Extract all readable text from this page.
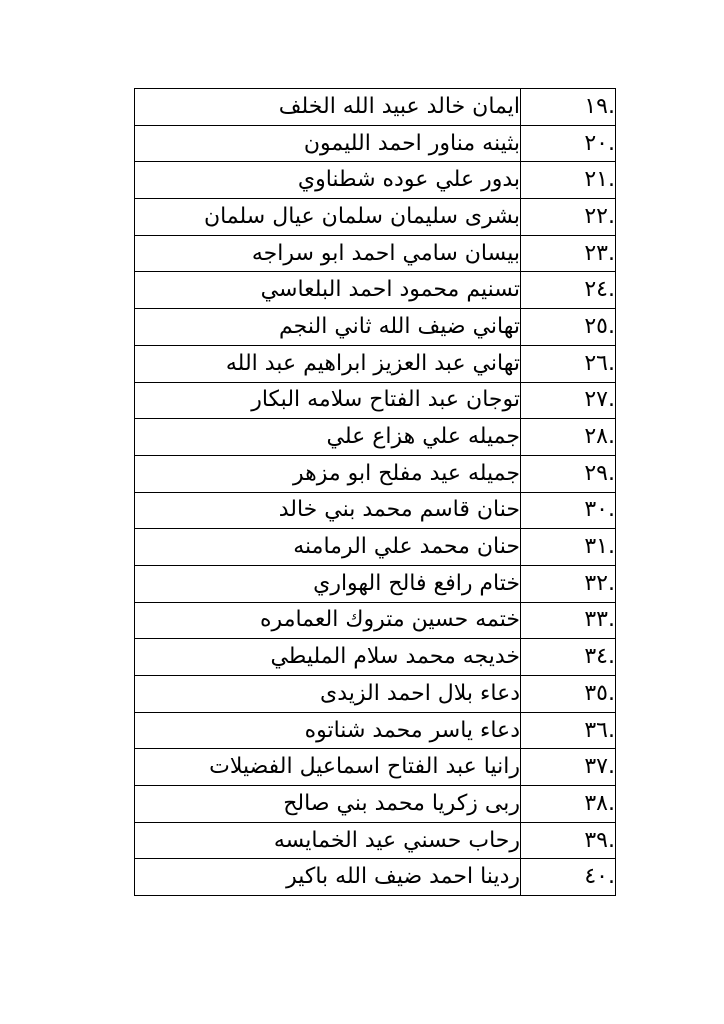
.١٩	ايمان خالد عبيد الله الخلف
.٢٠	بثينه مناور احمد الليمون
.٢١	بدور علي عوده شطناوي
.٢٢	بشرى سليمان سلمان عيال سلمان
.٢٣	بيسان سامي احمد ابو سراجه
.٢٤	تسنيم محمود احمد البلعاسي
.٢٥	تهاني ضيف الله ثاني النجم
.٢٦	تهاني عبد العزيز ابراهيم عبد الله
.٢٧	توجان عبد الفتاح سلامه البكار
.٢٨	جميله علي هزاع علي
.٢٩	جميله عيد مفلح ابو مزهر
.٣٠	حنان قاسم محمد بني خالد
.٣١	حنان محمد علي الرمامنه
.٣٢	ختام رافع فالح الهواري
.٣٣	ختمه حسين متروك العمامره
.٣٤	خديجه محمد سلام المليطي
.٣٥	دعاء بلال احمد الزيدى
.٣٦	دعاء ياسر محمد شناتوه
.٣٧	رانيا عبد الفتاح اسماعيل الفضيلات
.٣٨	ربى زكريا محمد بني صالح
.٣٩	رحاب حسني عيد الخمايسه
.٤٠	ردينا احمد ضيف الله باكير
